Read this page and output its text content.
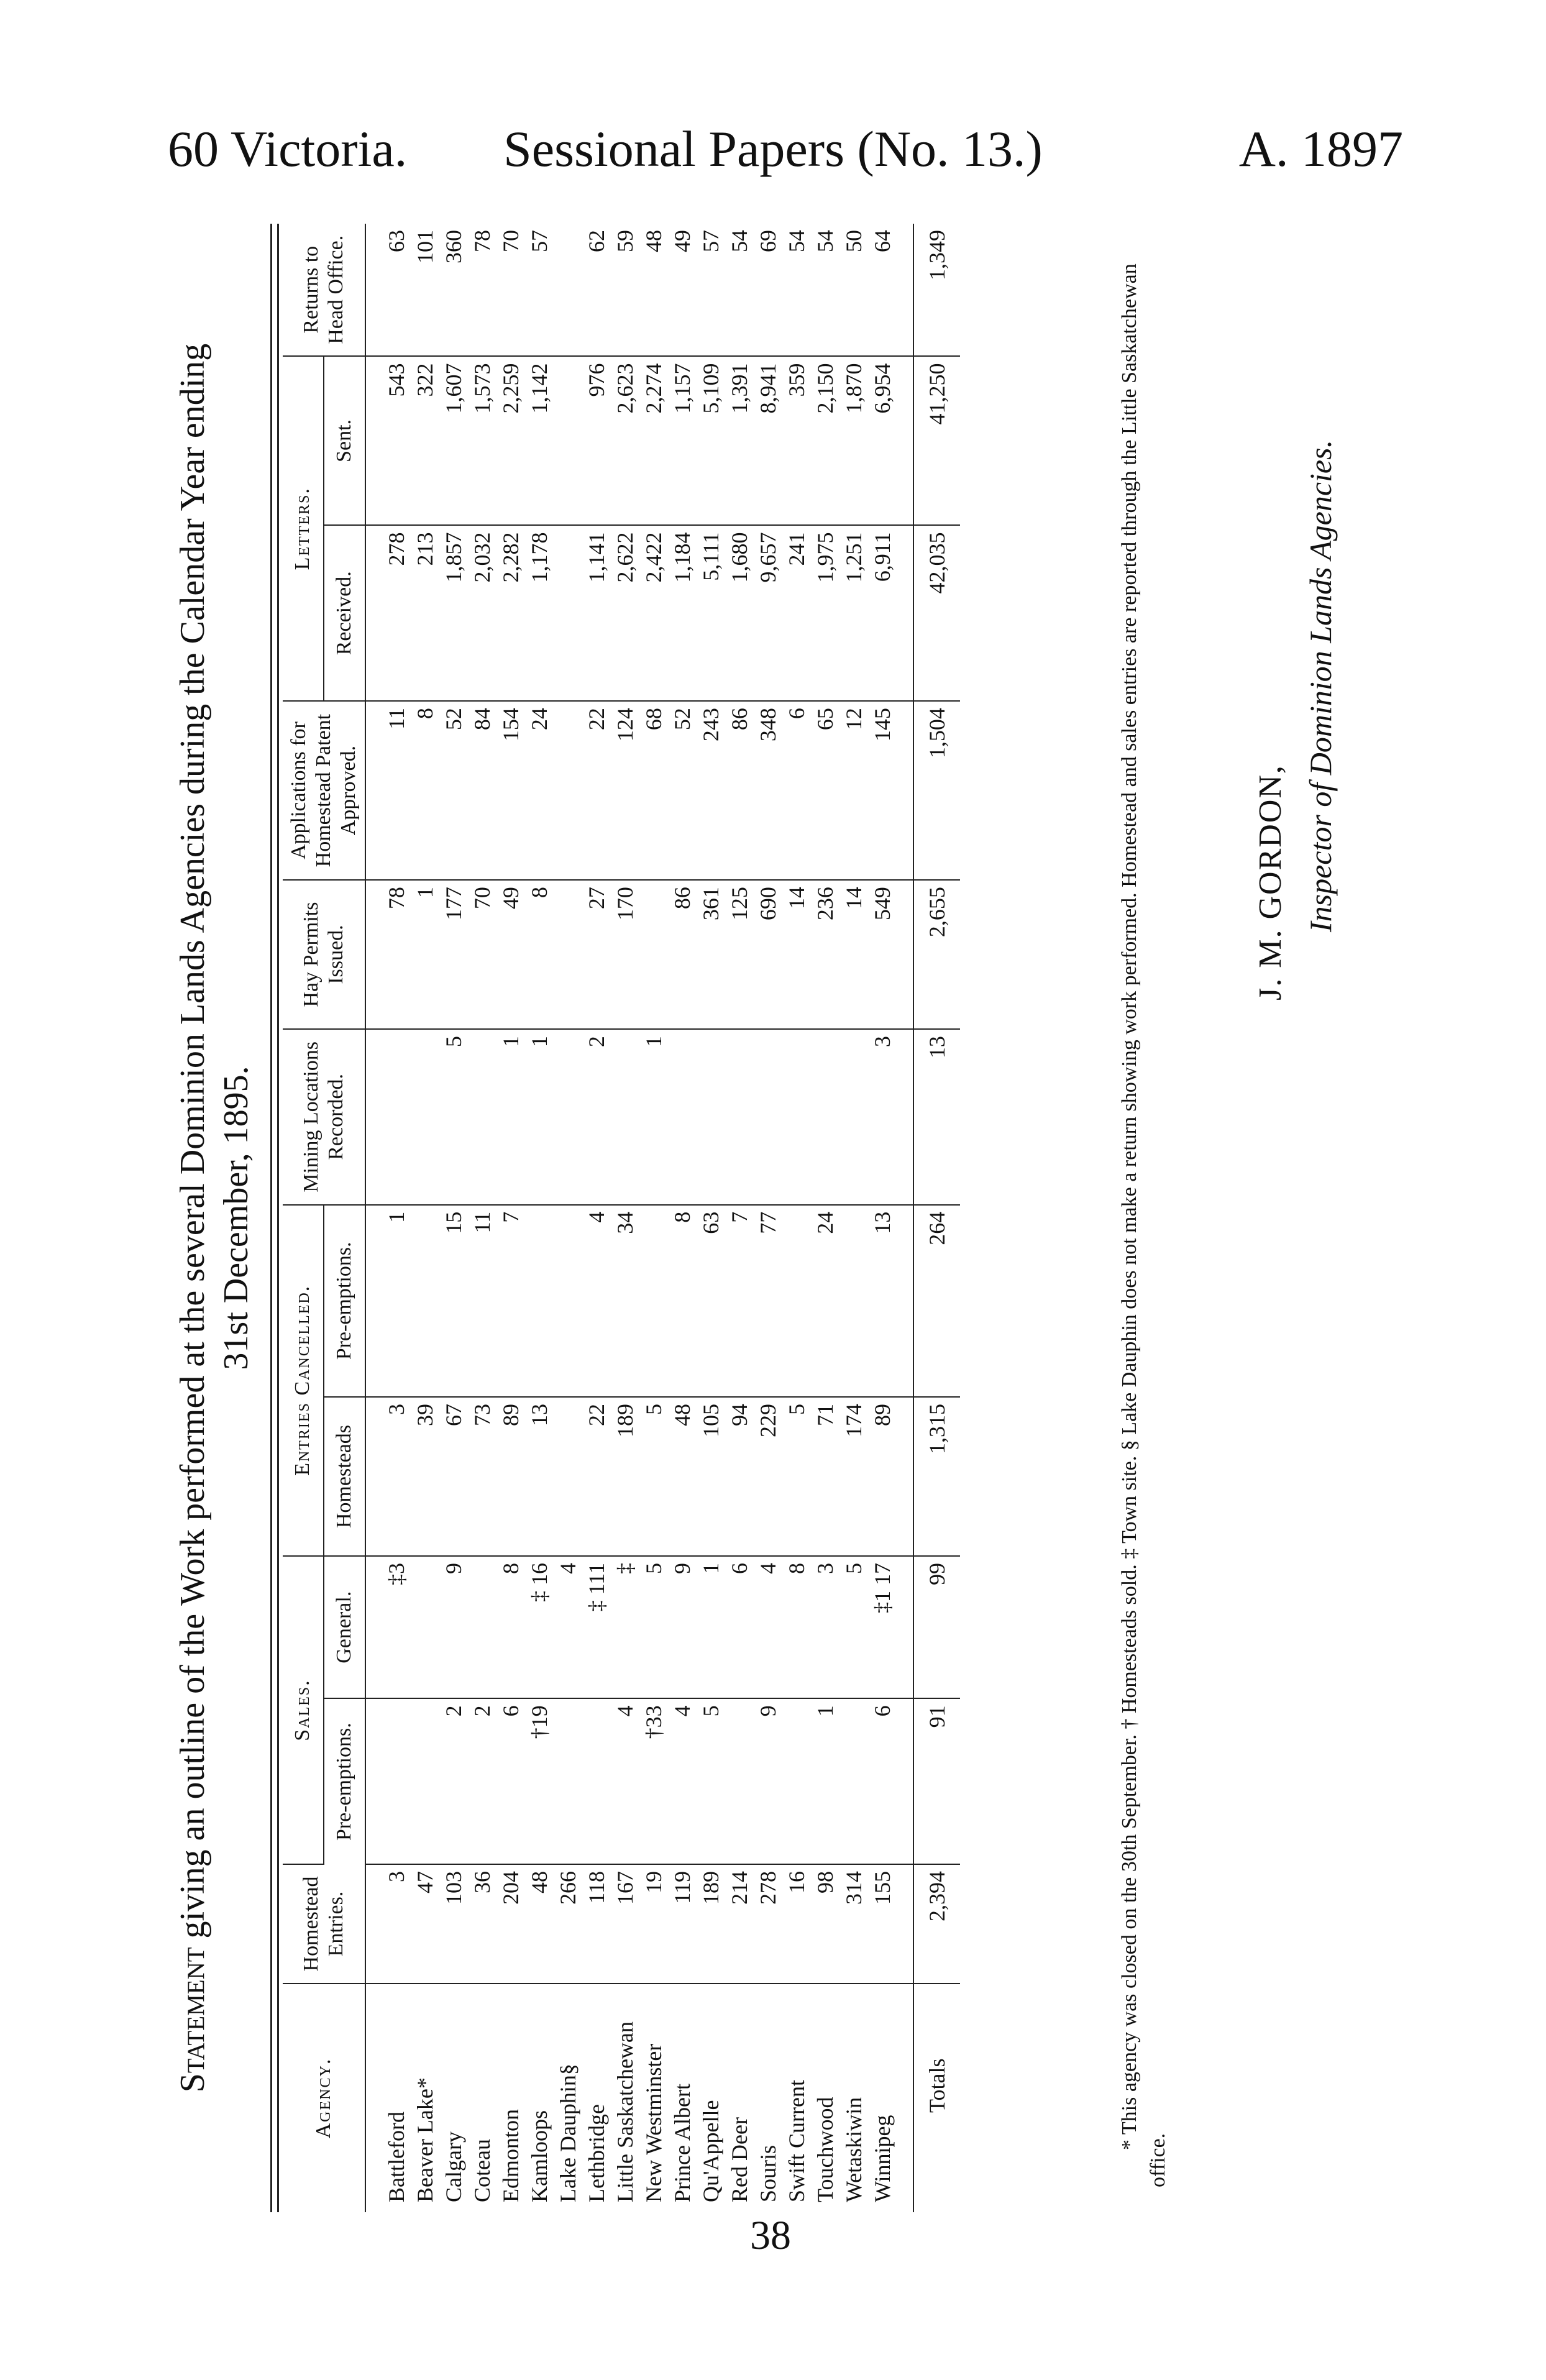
60 Victoria.	Sessional Papers (No. 13.)	A. 1897
38
Statement giving an outline of the Work performed at the several Dominion Lands Agencies during the Calendar Year ending 31st December, 1895.
Agency.	Homestead Entries.	Sales.		Entries Cancelled.		Mining Locations Recorded.	Hay Permits Issued.	Applications for Homestead Patent Approved.	Letters.		Returns to Head Office.
		Pre-emptions.	General.	Homesteads	Pre-emptions.				Received.	Sent.	
Battleford	3		‡3	3	1		78	11	278	543	63
Beaver Lake*	47			39			1	8	213	322	101
Calgary	103	2	9	67	15	5	177	52	1,857	1,607	360
Coteau	36	2		73	11		70	84	2,032	1,573	78
Edmonton	204	6	8	89	7	1	49	154	2,282	2,259	70
Kamloops	48	†19	‡ 16	13		1	8	24	1,178	1,142	57
Lake Dauphin§	266		4								
Lethbridge	118		‡ 111	22	4	2	27	22	1,141	976	62
Little Saskatchewan	167	4	‡	189	34		170	124	2,622	2,623	59
New Westminster	19	†33	5	5		1		68	2,422	2,274	48
Prince Albert	119	4	9	48	8		86	52	1,184	1,157	49
Qu'Appelle	189	5	1	105	63		361	243	5,111	5,109	57
Red Deer	214		6	94	7		125	86	1,680	1,391	54
Souris	278	9	4	229	77		690	348	9,657	8,941	69
Swift Current	16		8	5			14	6	241	359	54
Touchwood	98	1	3	71	24		236	65	1,975	2,150	54
Wetaskiwin	314		5	174			14	12	1,251	1,870	50
Winnipeg	155	6	‡1 17	89	13	3	549	145	6,911	6,954	64
Totals	2,394	91	99	1,315	264	13	2,655	1,504	42,035	41,250	1,349
* This agency was closed on the 30th September. † Homesteads sold. ‡ Town site. § Lake Dauphin does not make a return showing work performed. Homestead and sales entries are reported through the Little Saskatchewan office.
J. M. GORDON, Inspector of Dominion Lands Agencies.
